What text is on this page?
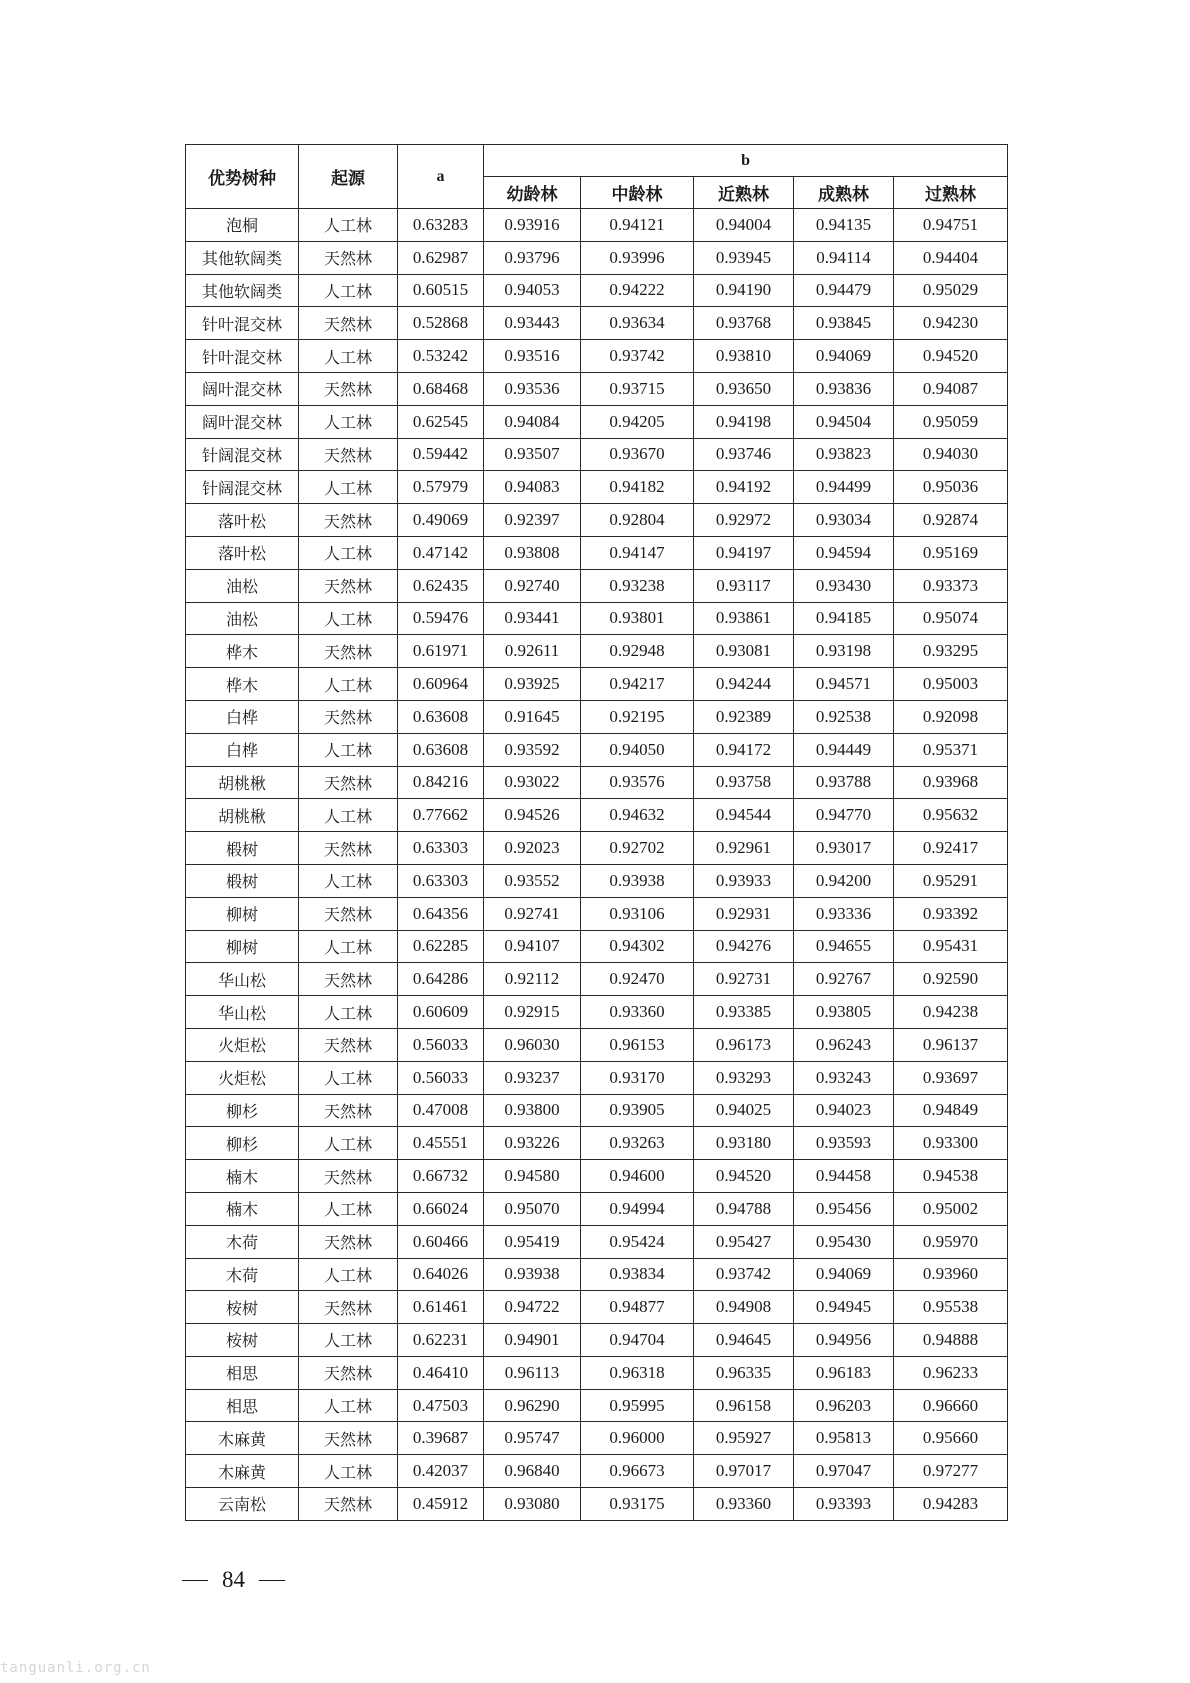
优势树种	起源	a	b				
			幼龄林	中龄林	近熟林	成熟林	过熟林
泡桐	人工林	0.63283	0.93916	0.94121	0.94004	0.94135	0.94751
其他软阔类	天然林	0.62987	0.93796	0.93996	0.93945	0.94114	0.94404
其他软阔类	人工林	0.60515	0.94053	0.94222	0.94190	0.94479	0.95029
针叶混交林	天然林	0.52868	0.93443	0.93634	0.93768	0.93845	0.94230
针叶混交林	人工林	0.53242	0.93516	0.93742	0.93810	0.94069	0.94520
阔叶混交林	天然林	0.68468	0.93536	0.93715	0.93650	0.93836	0.94087
阔叶混交林	人工林	0.62545	0.94084	0.94205	0.94198	0.94504	0.95059
针阔混交林	天然林	0.59442	0.93507	0.93670	0.93746	0.93823	0.94030
针阔混交林	人工林	0.57979	0.94083	0.94182	0.94192	0.94499	0.95036
落叶松	天然林	0.49069	0.92397	0.92804	0.92972	0.93034	0.92874
落叶松	人工林	0.47142	0.93808	0.94147	0.94197	0.94594	0.95169
油松	天然林	0.62435	0.92740	0.93238	0.93117	0.93430	0.93373
油松	人工林	0.59476	0.93441	0.93801	0.93861	0.94185	0.95074
桦木	天然林	0.61971	0.92611	0.92948	0.93081	0.93198	0.93295
桦木	人工林	0.60964	0.93925	0.94217	0.94244	0.94571	0.95003
白桦	天然林	0.63608	0.91645	0.92195	0.92389	0.92538	0.92098
白桦	人工林	0.63608	0.93592	0.94050	0.94172	0.94449	0.95371
胡桃楸	天然林	0.84216	0.93022	0.93576	0.93758	0.93788	0.93968
胡桃楸	人工林	0.77662	0.94526	0.94632	0.94544	0.94770	0.95632
椴树	天然林	0.63303	0.92023	0.92702	0.92961	0.93017	0.92417
椴树	人工林	0.63303	0.93552	0.93938	0.93933	0.94200	0.95291
柳树	天然林	0.64356	0.92741	0.93106	0.92931	0.93336	0.93392
柳树	人工林	0.62285	0.94107	0.94302	0.94276	0.94655	0.95431
华山松	天然林	0.64286	0.92112	0.92470	0.92731	0.92767	0.92590
华山松	人工林	0.60609	0.92915	0.93360	0.93385	0.93805	0.94238
火炬松	天然林	0.56033	0.96030	0.96153	0.96173	0.96243	0.96137
火炬松	人工林	0.56033	0.93237	0.93170	0.93293	0.93243	0.93697
柳杉	天然林	0.47008	0.93800	0.93905	0.94025	0.94023	0.94849
柳杉	人工林	0.45551	0.93226	0.93263	0.93180	0.93593	0.93300
楠木	天然林	0.66732	0.94580	0.94600	0.94520	0.94458	0.94538
楠木	人工林	0.66024	0.95070	0.94994	0.94788	0.95456	0.95002
木荷	天然林	0.60466	0.95419	0.95424	0.95427	0.95430	0.95970
木荷	人工林	0.64026	0.93938	0.93834	0.93742	0.94069	0.93960
桉树	天然林	0.61461	0.94722	0.94877	0.94908	0.94945	0.95538
桉树	人工林	0.62231	0.94901	0.94704	0.94645	0.94956	0.94888
相思	天然林	0.46410	0.96113	0.96318	0.96335	0.96183	0.96233
相思	人工林	0.47503	0.96290	0.95995	0.96158	0.96203	0.96660
木麻黄	天然林	0.39687	0.95747	0.96000	0.95927	0.95813	0.95660
木麻黄	人工林	0.42037	0.96840	0.96673	0.97017	0.97047	0.97277
云南松	天然林	0.45912	0.93080	0.93175	0.93360	0.93393	0.94283
84
tanguanli.org.cn
